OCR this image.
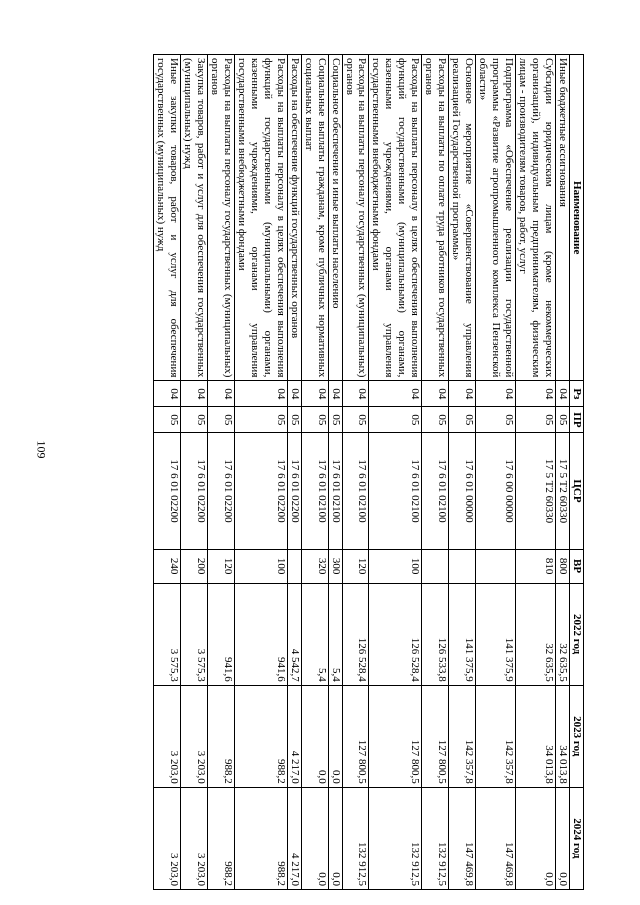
109
Наименование	Рз	ПР	ЦСР	ВР	2022 год	2023 год	2024 год
Иные бюджетные ассигнования	04	05	17 5 T2 60330	800	32 635,5	34 013,8	0,0
Субсидии юридическим лицам (кроме некоммерческих организаций), индивидуальным предпринимателям, физическим лицам - производителям товаров, работ, услуг	04	05	17 5 T2 60330	810	32 635,5	34 013,8	0,0
Подпрограмма «Обеспечение реализации государственной программы «Развитие агропромышленного комплекса Пензенской области»	04	05	17 6 00 00000		141 375,9	142 357,8	147 469,8
Основное мероприятие «Совершенствование управления реализацией Государственной программы»	04	05	17 6 01 00000		141 375,9	142 357,8	147 469,8
Расходы на выплаты по оплате труда работников государственных органов	04	05	17 6 01 02100		126 533,8	127 800,5	132 912,5
Расходы на выплаты персоналу в целях обеспечения выполнения функций государственными (муниципальными) органами, казенными учреждениями, органами управления государственными внебюджетными фондами	04	05	17 6 01 02100	100	126 528,4	127 800,5	132 912,5
Расходы на выплаты персоналу государственных (муниципальных) органов	04	05	17 6 01 02100	120	126 528,4	127 800,5	132 912,5
Социальное обеспечение и иные выплаты населению	04	05	17 6 01 02100	300	5,4	0,0	0,0
Социальные выплаты гражданам, кроме публичных нормативных социальных выплат	04	05	17 6 01 02100	320	5,4	0,0	0,0
Расходы на обеспечение функций государственных органов	04	05	17 6 01 02200		4 542,7	4 217,0	4 217,0
Расходы на выплаты персоналу в целях обеспечения выполнения функций государственными (муниципальными) органами, казенными учреждениями, органами управления государственными внебюджетными фондами	04	05	17 6 01 02200	100	941,6	988,2	988,2
Расходы на выплаты персоналу государственных (муниципальных) органов	04	05	17 6 01 02200	120	941,6	988,2	988,2
Закупка товаров, работ и услуг для обеспечения государственных (муниципальных) нужд	04	05	17 6 01 02200	200	3 575,3	3 203,0	3 203,0
Иные закупки товаров, работ и услуг для обеспечения государственных (муниципальных) нужд	04	05	17 6 01 02200	240	3 575,3	3 203,0	3 203,0
